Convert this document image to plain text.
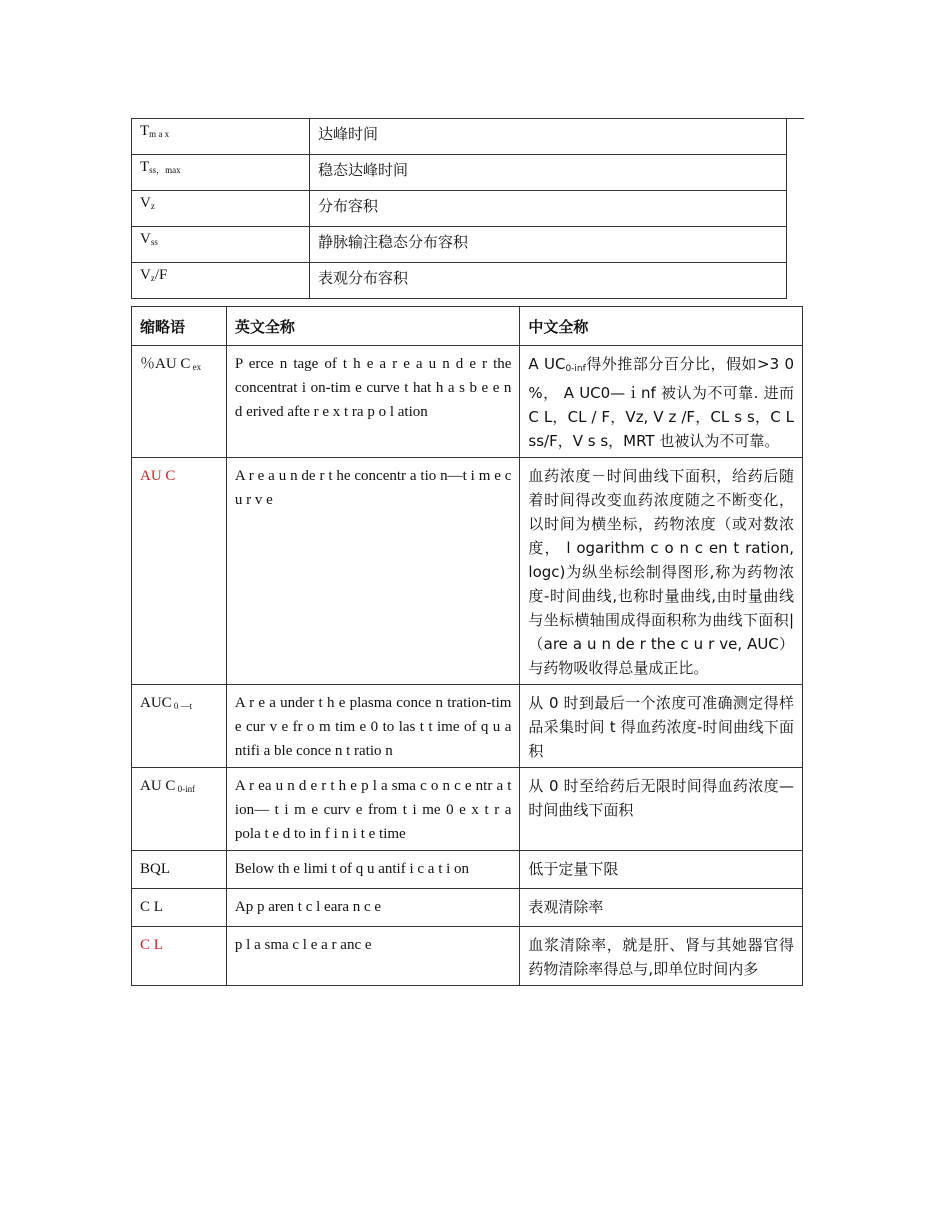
$T_{m a x}$	达峰时间	
$T_{ss,max}$	稳态达峰时间	
$V_z$	分布容积	
$V_{ss}$	静脉输注稳态分布容积	
$V_z/F$	表观分布容积	
缩略语	英文全称	中文全称
％AU C $_{ex}$	P erce n tage of t h e a r e a u n d e r the concentrat i on-tim e curve t hat h a s b e e n d erived afte r e x t ra p o l ation	A $UC_{0-inf}$得外推部分百分比，假如>3 0 %， A UC0—ｉnf 被认为不可靠. 进而 C L，CL / F，Vz, V z /F，CL s s，C L ss/F，V s s，MRT 也被认为不可靠。
AU C	A r e a u n de r t he concentr a tio n—t i m e c u r v e	血药浓度－时间曲线下面积，给药后随着时间得改变血药浓度随之不断变化，以时间为横坐标，药物浓度（或对数浓度， l ogarithm c o n c en t ration, logc)为纵坐标绘制得图形,称为药物浓度-时间曲线,也称时量曲线,由时量曲线与坐标横轴围成得面积称为曲线下面积|（are a u n de r the c u r ve, AUC）与药物吸收得总量成正比。
AUC $_{0 —t}$	A r e a under t h e plasma conce n tration-tim e cur v e fr o m tim e 0 to las t t ime of q u a ntifi a ble conce n t ratio n	从 0 时到最后一个浓度可准确测定得样品采集时间 t 得血药浓度-时间曲线下面积
AU C $_{0-inf}$	A r ea u n d e r t h e p l a sma c o n c e ntr a t ion— t i m e curv e from t i me 0 e x t r a pola t e d to in f i n i t e time	从 0 时至给药后无限时间得血药浓度—时间曲线下面积
BQL	Below th e limi t of q u antif i c a t i on	低于定量下限
C L	Ap p aren t c l eara n c e	表观清除率
C L	p l a sma c l e a r anc e	血浆清除率，就是肝、肾与其她器官得药物清除率得总与,即单位时间内多
